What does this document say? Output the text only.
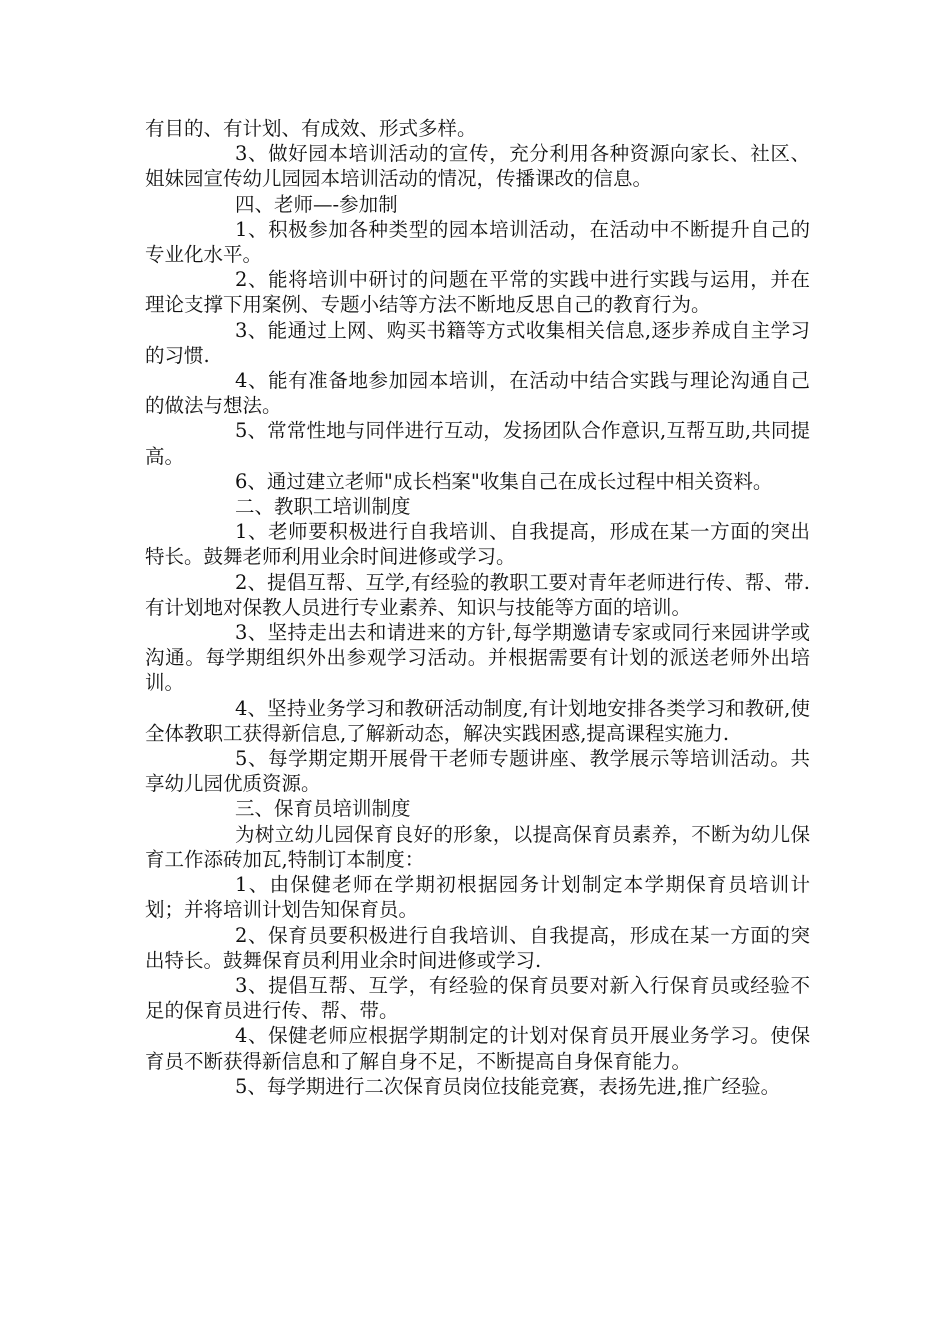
有目的、有计划、有成效、形式多样。

3、做好园本培训活动的宣传，充分利用各种资源向家长、社区、姐妹园宣传幼儿园园本培训活动的情况，传播课改的信息。

四、老师—-参加制

1、积极参加各种类型的园本培训活动，在活动中不断提升自己的专业化水平。

2、能将培训中研讨的问题在平常的实践中进行实践与运用，并在理论支撑下用案例、专题小结等方法不断地反思自己的教育行为。

3、能通过上网、购买书籍等方式收集相关信息,逐步养成自主学习的习惯.

4、能有准备地参加园本培训，在活动中结合实践与理论沟通自己的做法与想法。

5、常常性地与同伴进行互动，发扬团队合作意识,互帮互助,共同提高。

6、通过建立老师"成长档案"收集自己在成长过程中相关资料。

二、教职工培训制度

1、老师要积极进行自我培训、自我提高，形成在某一方面的突出特长。鼓舞老师利用业余时间进修或学习。

2、提倡互帮、互学,有经验的教职工要对青年老师进行传、帮、带.有计划地对保教人员进行专业素养、知识与技能等方面的培训。

3、坚持走出去和请进来的方针,每学期邀请专家或同行来园讲学或沟通。每学期组织外出参观学习活动。并根据需要有计划的派送老师外出培训。

4、坚持业务学习和教研活动制度,有计划地安排各类学习和教研,使全体教职工获得新信息,了解新动态，解决实践困惑,提高课程实施力.

5、每学期定期开展骨干老师专题讲座、教学展示等培训活动。共享幼儿园优质资源。

三、保育员培训制度

为树立幼儿园保育良好的形象，以提高保育员素养，不断为幼儿保育工作添砖加瓦,特制订本制度：

1、由保健老师在学期初根据园务计划制定本学期保育员培训计划；并将培训计划告知保育员。

2、保育员要积极进行自我培训、自我提高，形成在某一方面的突出特长。鼓舞保育员利用业余时间进修或学习.

3、提倡互帮、互学，有经验的保育员要对新入行保育员或经验不足的保育员进行传、帮、带。

4、保健老师应根据学期制定的计划对保育员开展业务学习。使保育员不断获得新信息和了解自身不足，不断提高自身保育能力。

5、每学期进行二次保育员岗位技能竞赛，表扬先进,推广经验。
